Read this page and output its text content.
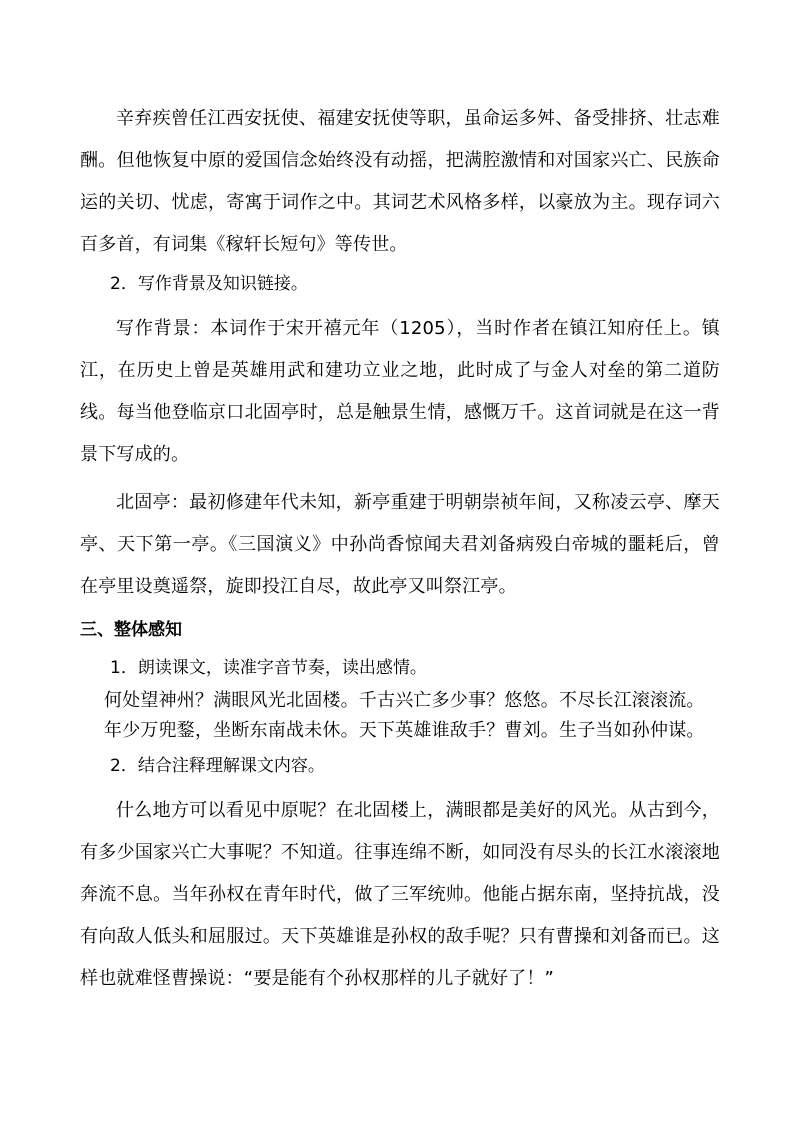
辛弃疾曾任江西安抚使、福建安抚使等职，虽命运多舛、备受排挤、壮志难酬。但他恢复中原的爱国信念始终没有动摇，把满腔激情和对国家兴亡、民族命运的关切、忧虑，寄寓于词作之中。其词艺术风格多样，以豪放为主。现存词六百多首，有词集《稼轩长短句》等传世。

2．写作背景及知识链接。

写作背景：本词作于宋开禧元年（1205），当时作者在镇江知府任上。镇江，在历史上曾是英雄用武和建功立业之地，此时成了与金人对垒的第二道防线。每当他登临京口北固亭时，总是触景生情，感慨万千。这首词就是在这一背景下写成的。

北固亭：最初修建年代未知，新亭重建于明朝崇祯年间，又称凌云亭、摩天亭、天下第一亭。《三国演义》中孙尚香惊闻夫君刘备病殁白帝城的噩耗后，曾在亭里设奠遥祭，旋即投江自尽，故此亭又叫祭江亭。

三、整体感知

1．朗读课文，读准字音节奏，读出感情。

何处望神州？满眼风光北固楼。千古兴亡多少事？悠悠。不尽长江滚滚流。

年少万兜鍪，坐断东南战未休。天下英雄谁敌手？曹刘。生子当如孙仲谋。

2．结合注释理解课文内容。

什么地方可以看见中原呢？在北固楼上，满眼都是美好的风光。从古到今，有多少国家兴亡大事呢？不知道。往事连绵不断，如同没有尽头的长江水滚滚地奔流不息。当年孙权在青年时代，做了三军统帅。他能占据东南，坚持抗战，没有向敌人低头和屈服过。天下英雄谁是孙权的敌手呢？只有曹操和刘备而已。这样也就难怪曹操说：“要是能有个孙权那样的儿子就好了！”
